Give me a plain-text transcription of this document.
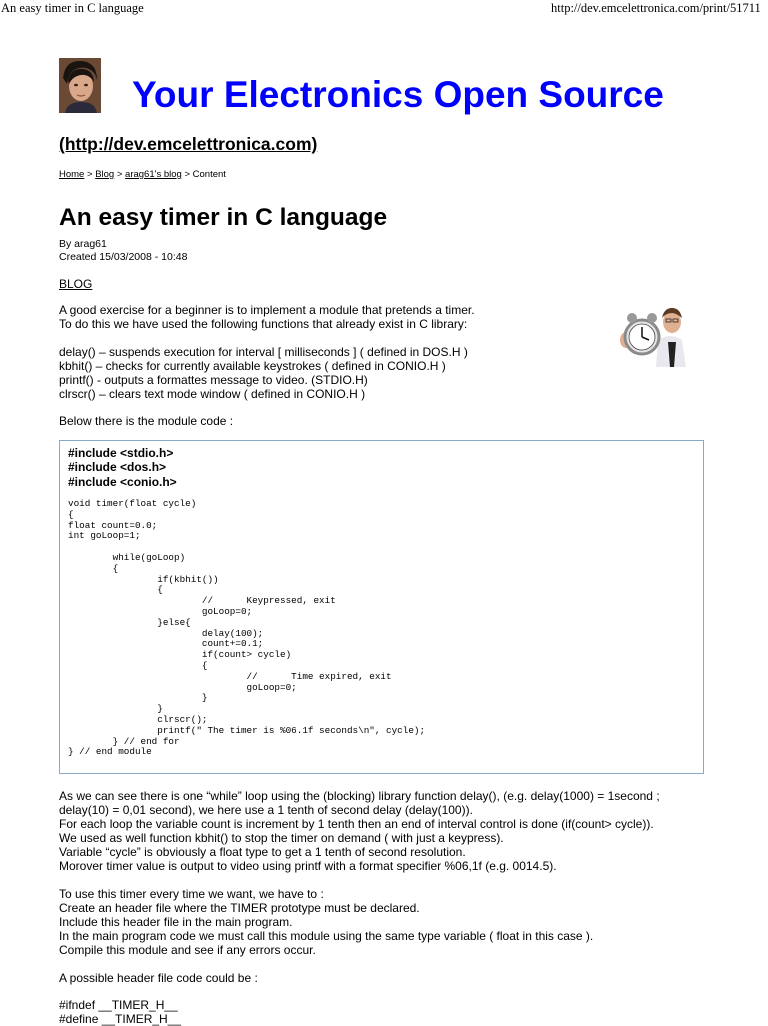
An easy timer in C language	http://dev.emcelettronica.com/print/51711
Your Electronics Open Source
(http://dev.emcelettronica.com)
Home > Blog > arag61's blog > Content
An easy timer in C language
By arag61
Created 15/03/2008 - 10:48
BLOG
A good exercise for a beginner is to implement a module that pretends a timer.
To do this we have used the following functions that already exist in C library:
delay() – suspends execution for interval [ milliseconds ] ( defined in DOS.H )
kbhit() – checks for currently available keystrokes ( defined in CONIO.H )
printf() - outputs a formattes message to video. (STDIO.H)
clrscr() – clears text mode window ( defined in CONIO.H )
Below there is the module code :
#include <stdio.h>
#include <dos.h>
#include <conio.h>
void timer(float cycle)
{
float count=0.0;
int goLoop=1;

while(goLoop)
{
if(kbhit())
{
//      Keypressed, exit
goLoop=0;
}else{
delay(100);
count+=0.1;
if(count> cycle)
{
//      Time expired, exit
goLoop=0;
}
}
clrscr();
printf(" The timer is %06.1f seconds\n", cycle);
} // end for
} // end module
As we can see there is one “while” loop using the (blocking) library function delay(), (e.g. delay(1000) = 1second ;
delay(10) = 0,01 second), we here use a 1 tenth of second delay (delay(100)).
For each loop the variable count is increment by 1 tenth then an end of interval control is done (if(count> cycle)).
We used as well function kbhit() to stop the timer on demand ( with just a keypress).
Variable “cycle” is obviously a float type to get a 1 tenth of second resolution.
Morover timer value is output to video using printf with a format specifier %06,1f (e.g. 0014.5).
To use this timer every time we want, we have to :
Create an header file where the TIMER prototype must be declared.
Include this header file in the main program.
In the main program code we must call this module using the same type variable ( float in this case ).
Compile this module and see if any errors occur.
A possible header file code could be :
#ifndef __TIMER_H__
#define __TIMER_H__
